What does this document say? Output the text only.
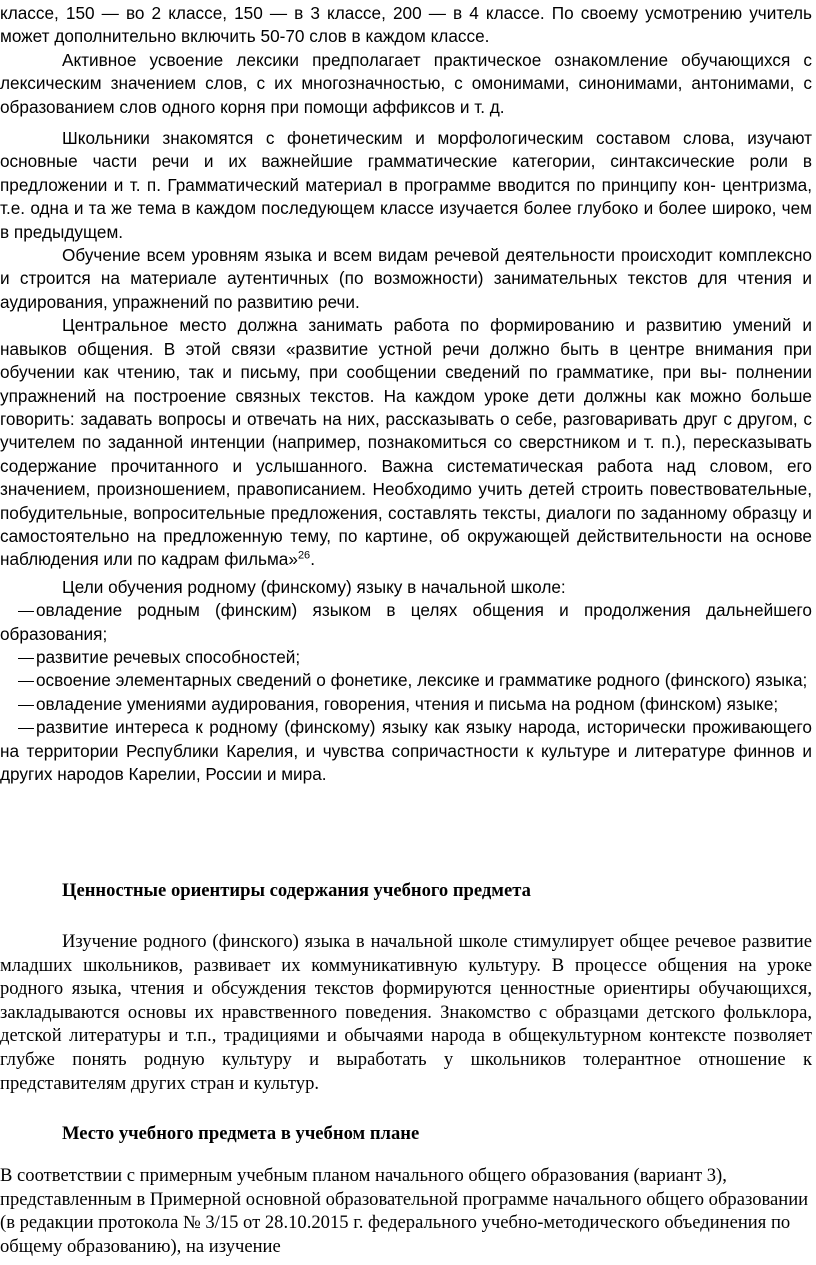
классе, 150 — во 2 классе, 150 — в 3 классе, 200 — в 4 классе. По своему усмотрению учитель может дополнительно включить 50-70 слов в каждом классе.

Активное усвоение лексики предполагает практическое ознакомление обучающихся с лексическим значением слов, с их многозначностью, с омонимами, синонимами, антонимами, с образованием слов одного корня при помощи аффиксов и т. д.

Школьники знакомятся с фонетическим и морфологическим составом слова, изучают основные части речи и их важнейшие грамматические категории, синтаксические роли в предложении и т. п. Грамматический материал в программе вводится по принципу кон- центризма, т.е. одна и та же тема в каждом последующем классе изучается более глубоко и более широко, чем в предыдущем.

Обучение всем уровням языка и всем видам речевой деятельности происходит комплексно и строится на материале аутентичных (по возможности) занимательных текстов для чтения и аудирования, упражнений по развитию речи.

Центральное место должна занимать работа по формированию и развитию умений и навыков общения. В этой связи «развитие устной речи должно быть в центре внимания при обучении как чтению, так и письму, при сообщении сведений по грамматике, при вы- полнении упражнений на построение связных текстов. На каждом уроке дети должны как можно больше говорить: задавать вопросы и отвечать на них, рассказывать о себе, разговаривать друг с другом, с учителем по заданной интенции (например, познакомиться со сверстником и т. п.), пересказывать содержание прочитанного и услышанного. Важна систематическая работа над словом, его значением, произношением, правописанием. Необходимо учить детей строить повествовательные, побудительные, вопросительные предложения, составлять тексты, диалоги по заданному образцу и самостоятельно на предложенную тему, по картине, об окружающей действительности на основе наблюдения или по кадрам фильма»$^{26}$.

Цели обучения родному (финскому) языку в начальной школе:

овладение родным (финским) языком в целях общения и продолжения дальнейшего образования;

развитие речевых способностей;

освоение элементарных сведений о фонетике, лексике и грамматике родного (финского) языка;

овладение умениями аудирования, говорения, чтения и письма на родном (финском) языке;

развитие интереса к родному (финскому) языку как языку народа, исторически проживающего на территории Республики Карелия, и чувства сопричастности к культуре и литературе финнов и других народов Карелии, России и мира.

Ценностные ориентиры содержания учебного предмета

Изучение родного (финского) языка в начальной школе стимулирует общее речевое развитие младших школьников, развивает их коммуникативную культуру. В процессе общения на уроке родного языка, чтения и обсуждения текстов формируются ценностные ориентиры обучающихся, закладываются основы их нравственного поведения. Знакомство с образцами детского фольклора, детской литературы и т.п., традициями и обычаями народа в общекультурном контексте позволяет глубже понять родную культуру и выработать у школьников толерантное отношение к представителям других стран и культур.

Место учебного предмета в учебном плане

В соответствии с примерным учебным планом начального общего образования (вариант 3), представленным в Примерной основной образовательной программе начального общего образовании (в редакции протокола № 3/15 от 28.10.2015 г. федерального учебно-методического объединения по общему образованию), на изучение
